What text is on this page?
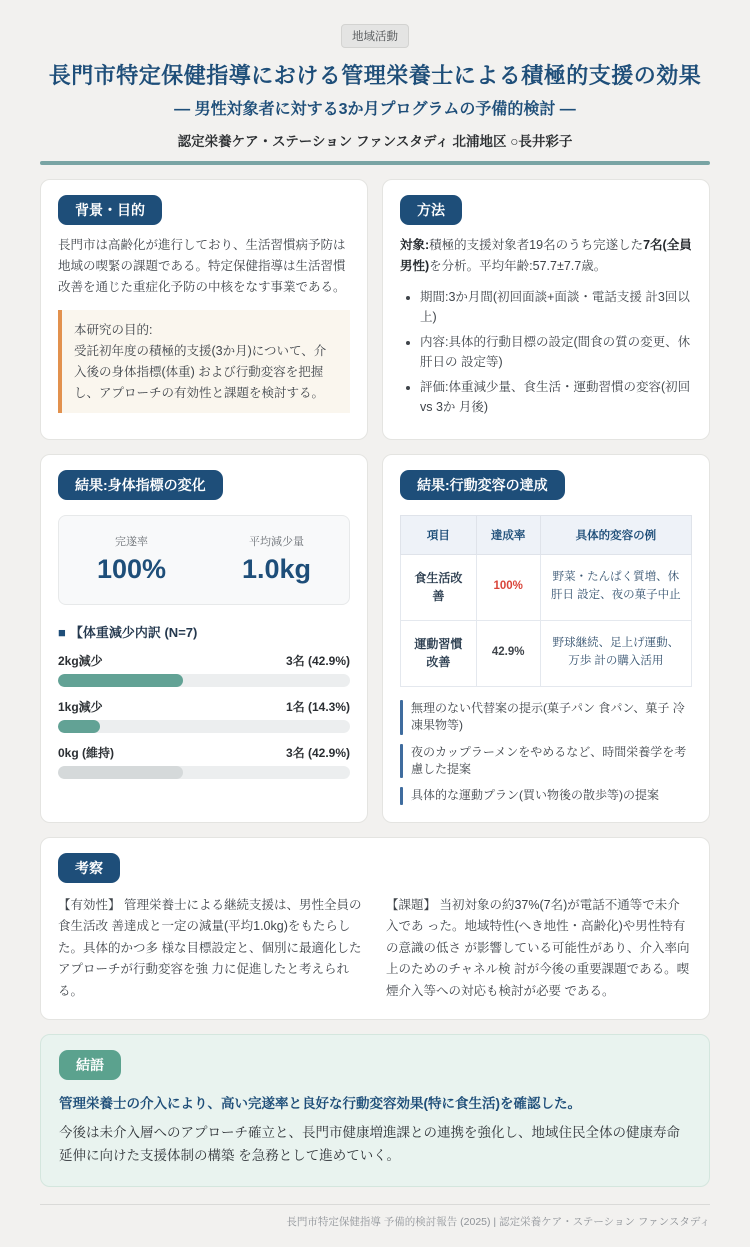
地域活動
長門市特定保健指導における管理栄養士による積極的支援の効果
― 男性対象者に対する3か月プログラムの予備的検討 ―
認定栄養ケア・ステーション ファンスタディ 北浦地区 ○長井彩子
背景・目的

長門市は高齢化が進行しており、生活習慣病予防は地域の喫緊の課題である。特定保健指導は生活習慣改善を通じた重症化予防の中核をなす事業である。

本研究の目的:
受託初年度の積極的支援(3か月)について、介入後の身体指標(体重) および行動変容を把握し、アプローチの有効性と課題を検討する。
方法

対象:積極的支援対象者19名のうち完遂した7名(全員男性)を分析。平均年齢:57.7±7.7歳。

• 期間:3か月間(初回面談+面談・電話支援 計3回以上)
• 内容:具体的行動目標の設定(間食の質の変更、休肝日の 設定等)
• 評価:体重減少量、食生活・運動習慣の変容(初回 vs 3か 月後)
結果:身体指標の変化
完遂率
100%
平均減少量
1.0kg
■ 【体重減少内訳 (N=7)
2kg減少	3名 (42.9%)
1kg減少	1名 (14.3%)
0kg (維持)	3名 (42.9%)
結果:行動変容の達成
項目	達成率	具体的変容の例
食生活改善	100%	野菜・たんぱく質増、休肝日 設定、夜の菓子中止
運動習慣改善	42.9%	野球継続、足上げ運動、万歩 計の購入活用
無理のない代替案の提示(菓子パン 食パン、菓子 冷凍果物等)
夜のカップラーメンをやめるなど、時間栄養学を考慮した提案
具体的な運動プラン(買い物後の散歩等)の提案
考察

【有効性】 管理栄養士による継続支援は、男性全員の食生活改 善達成と一定の減量(平均1.0kg)をもたらした。具体的かつ多 様な目標設定と、個別に最適化したアプローチが行動変容を強 力に促進したと考えられる。

【課題】 当初対象の約37%(7名)が電話不通等で未介入であ った。地域特性(へき地性・高齢化)や男性特有の意識の低さ が影響している可能性があり、介入率向上のためのチャネル検 討が今後の重要課題である。喫煙介入等への対応も検討が必要 である。

結語
管理栄養士の介入により、高い完遂率と良好な行動変容効果(特に食生活)を確認した。
今後は未介入層へのアプローチ確立と、長門市健康増進課との連携を強化し、地域住民全体の健康寿命延伸に向けた支援体制の構築 を急務として進めていく。
長門市特定保健指導 予備的検討報告 (2025) | 認定栄養ケア・ステーション ファンスタディ
